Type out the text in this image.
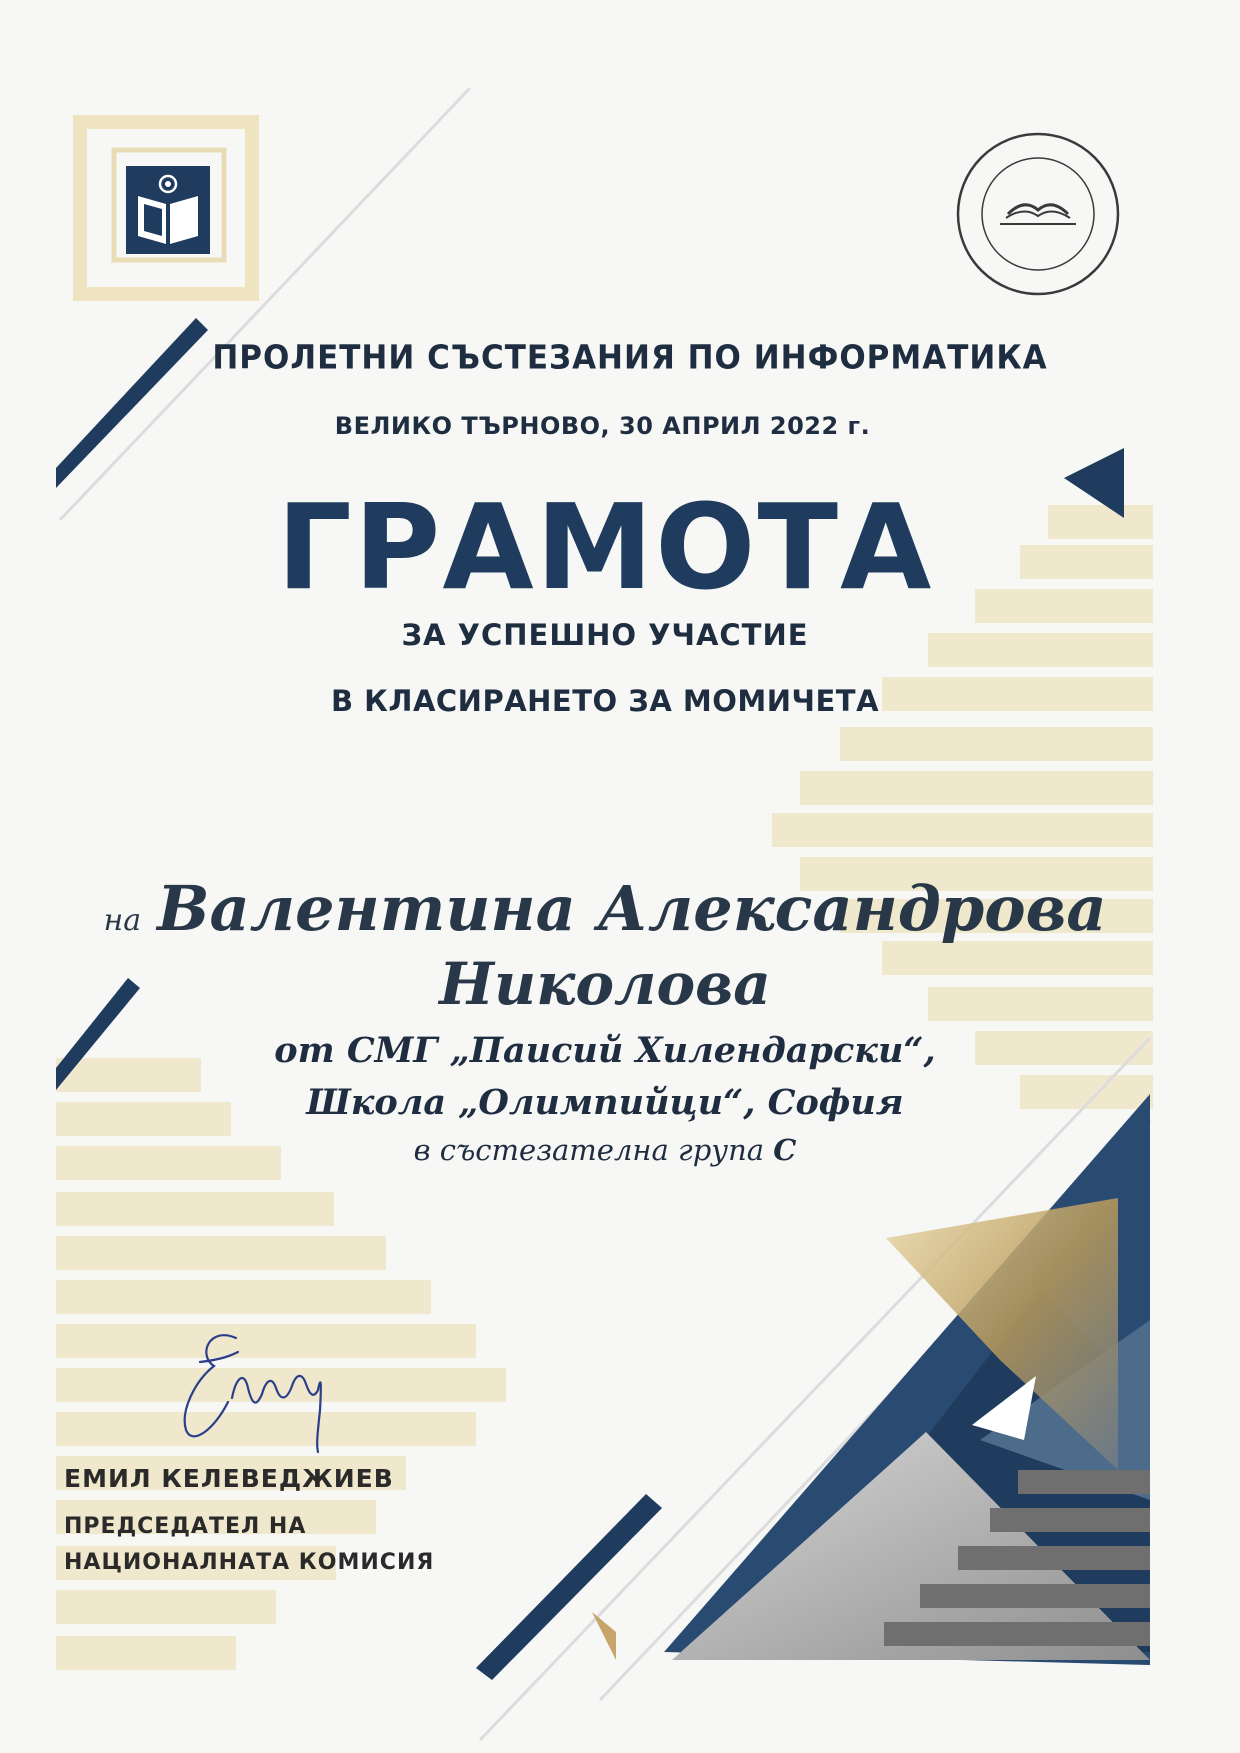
ПРОЛЕТНИ СЪСТЕЗАНИЯ ПО ИНФОРМАТИКА
ВЕЛИКО ТЪРНОВО, 30 АПРИЛ 2022 г.
ГРАМОТА
ЗА УСПЕШНО УЧАСТИЕ
В КЛАСИРАНЕТО ЗА МОМИЧЕТА
на Валентина Александрова
Николова
от СМГ „Паисий Хилендарски“,
Школа „Олимпийци“, София
в състезателна група C
ЕМИЛ КЕЛЕВЕДЖИЕВ
ПРЕДСЕДАТЕЛ НА
НАЦИОНАЛНАТА КОМИСИЯ
